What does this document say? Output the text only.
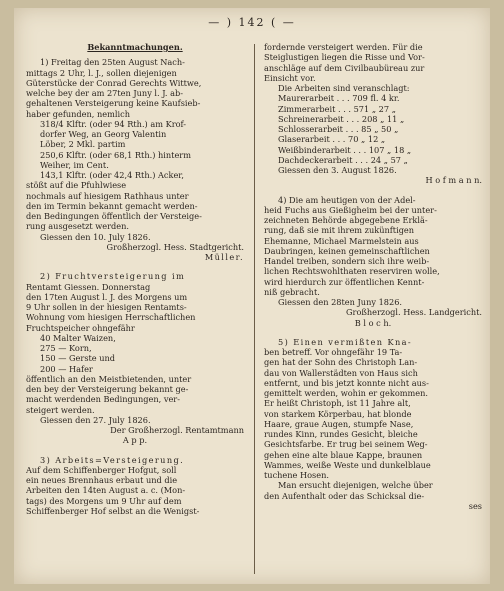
— ) 142 ( —
Bekanntmachungen.
1) Freitag den 25ten August Nach-
mittags 2 Uhr, l. J., sollen diejenigen
Güterstücke der Conrad Gerechts Wittwe,
welche bey der am 27ten Juny l. J. ab-
gehaltenen Versteigerung keine Kaufsieb-
haber gefunden, nemlich
318/4 Klftr. (oder 94 Rth.) am Krof-
dorfer Weg, an Georg Valentin
Löber, 2 Mkl. partim
250,6 Klftr. (oder 68,1 Rth.) hinterm
Weiher, im Cent.
143,1 Klftr. (oder 42,4 Rth.) Acker,
stößt auf die Pfuhlwiese
nochmals auf hiesigem Rathhaus unter
den im Termin bekannt gemacht werden-
den Bedingungen öffentlich der Versteige-
rung ausgesetzt werden.
Giessen den 10. July 1826.
Großherzogl. Hess. Stadtgericht.
Müller.
2) Fruchtversteigerung im
Rentamt Giessen. Donnerstag
den 17ten August l. J. des Morgens um
9 Uhr sollen in der hiesigen Rentamts-
Wohnung vom hiesigen Herrschaftlichen
Fruchtspeicher ohngefähr
40 Malter Waizen,
275 — Korn,
150 — Gerste und
200 — Hafer
öffentlich an den Meistbietenden, unter
den bey der Versteigerung bekannt ge-
macht werdenden Bedingungen, ver-
steigert werden.
Giessen den 27. July 1826.
Der Großherzogl. Rentamtmann
A p p.
3) Arbeits=Versteigerung.
Auf dem Schiffenberger Hofgut, soll
ein neues Brennhaus erbaut und die
Arbeiten den 14ten August a. c. (Mon-
tags) des Morgens um 9 Uhr auf dem
Schiffenberger Hof selbst an die Wenigst-
fordernde versteigert werden. Für die
Steiglustigen liegen die Risse und Vor-
anschläge auf dem Civilbaubüreau zur
Einsicht vor.
Die Arbeiten sind veranschlagt:
Maurerarbeit . . . 709 fl. 4 kr.
Zimmerarbeit . . . 571 „ 27 „
Schreinerarbeit . . . 208 „ 11 „
Schlosserarbeit . . . 85 „ 50 „
Glaserarbeit . . . 70 „ 12 „
Weißbinderarbeit . . . 107 „ 18 „
Dachdeckerarbeit . . . 24 „ 57 „
Giessen den 3. August 1826.
H o f m a n n.
4) Die am heutigen von der Adel-
heid Fuchs aus Gießigheim bei der unter-
zeichneten Behörde abgegebene Erklä-
rung, daß sie mit ihrem zukünftigen
Ehemanne, Michael Marmelstein aus
Daubringen, keinen gemeinschaftlichen
Handel treiben, sondern sich ihre weib-
lichen Rechtswohlthaten reserviren wolle,
wird hierdurch zur öffentlichen Kennt-
niß gebracht.
Giessen den 28ten Juny 1826.
Großherzogl. Hess. Landgericht.
B l o c h.
5) Einen vermißten Kna-
ben betreff. Vor ohngefähr 19 Ta-
gen hat der Sohn des Christoph Lan-
dau von Wallerstädten von Haus sich
entfernt, und bis jetzt konnte nicht aus-
gemittelt werden, wohin er gekommen.
Er heißt Christoph, ist 11 Jahre alt,
von starkem Körperbau, hat blonde
Haare, graue Augen, stumpfe Nase,
rundes Kinn, rundes Gesicht, bleiche
Gesichtsfarbe. Er trug bei seinem Weg-
gehen eine alte blaue Kappe, braunen
Wammes, weiße Weste und dunkelblaue
tuchene Hosen.
Man ersucht diejenigen, welche über
den Aufenthalt oder das Schicksal die-
ses
